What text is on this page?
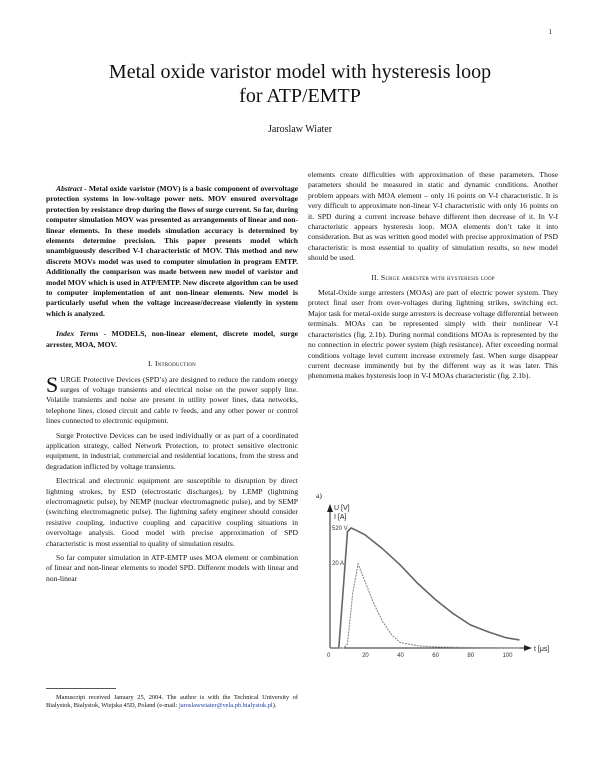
1
Metal oxide varistor model with hysteresis loop
for ATP/EMTP
Jaroslaw Wiater

Abstract - Metal oxide varistor (MOV) is a basic component of overvoltage protection systems in low-voltage power nets. MOV ensured overvoltage protection by resistance drop during the flows of surge current. So far, during computer simulation MOV was presented as arrangements of linear and non-linear elements. In these models simulation accuracy is determined by elements determine precision. This paper presents model which unambiguously described V-I characteristic of MOV. This method and new discrete MOVs model was used to computer simulation in program EMTP. Additionally the comparison was made between new model of varistor and model MOV which is used in ATP/EMTP. New discrete algorithm can be used to computer implementation of ant non-linear elements. New model is particularly useful when the voltage increase/decrease violently in system which is analyzed.

Index Terms - MODELS, non-linear element, discrete model, surge arrester, MOA, MOV.

I. Introduction

SURGE Protective Devices (SPD’s) are designed to reduce the random energy surges of voltage transients and electrical noise on the power supply line. Volatile transients and noise are present in utility power lines, data networks, telephone lines, closed circuit and cable tv feeds, and any other power or control lines connected to electronic equipment.

Surge Protective Devices can be used individually or as part of a coordinated application strategy, called Network Protection, to protect sensitive electronic equipment, in industrial, commercial and residential locations, from the stress and degradation inflicted by voltage transients.

Electrical and electronic equipment are susceptible to disruption by direct lightning strokes, by ESD (electrostatic discharges), by LEMP (lightning electromagnetic pulse), by NEMP (nuclear electromagnetic pulse), and by SEMP (switching electromagnetic pulse). The lightning safety engineer should consider resistive coupling, inductive coupling and capacitive coupling situations in overvoltage analysis. Good model with precise approximation of SPD characteristic is most essential to quality of simulation results.

So far computer simulation in ATP-EMTP uses MOA element or combination of linear and non-linear elements to model SPD. Different models with linear and non-linear

Manuscript received January 25, 2004. The author is with the Technical University of Bialystok, Bialystok, Wiejska 45D, Poland (e-mail: jaroslawwiater@vela.pb.bialystok.pl).

elements create difficulties with approximation of these parameters. Those parameters should be measured in static and dynamic conditions. Another problem appears with MOA element – only 16 points on V-I characteristic. It is very difficult to approximate non-linear V-I characteristic with only 16 points on it. SPD during a current increase behave different then decrease of it. In V-I characteristic appears hysteresis loop. MOA elements don’t take it into consideration. But as was written good model with precise approximation of PSD characteristic is most essential to quality of simulation results, so new model should be used.

II. Surge arrester with hysteresis loop

Metal-Oxide surge arresters (MOAs) are part of electric power system. They protect final user from over-voltages during lightning strikes, switching ect. Major task for metal-oxide surge arresters is decrease voltage differential between terminals. MOAs can be represented simply with their nonlinear V-I characteristics (fig. 2.1b). During normal conditions MOAs is represented by the no connection in electric power system (high resistance). After exceeding normal conditions voltage level current increase extremely fast. When surge disappear current decrease imminently but by the different way as it was later. This phenomena makes hysteresis loop in V-I MOAs characteristic (fig. 2.1b).

a)
U [V]
I [A]
520 V
20 A
t [μs]
0	20	40	60	80	100
